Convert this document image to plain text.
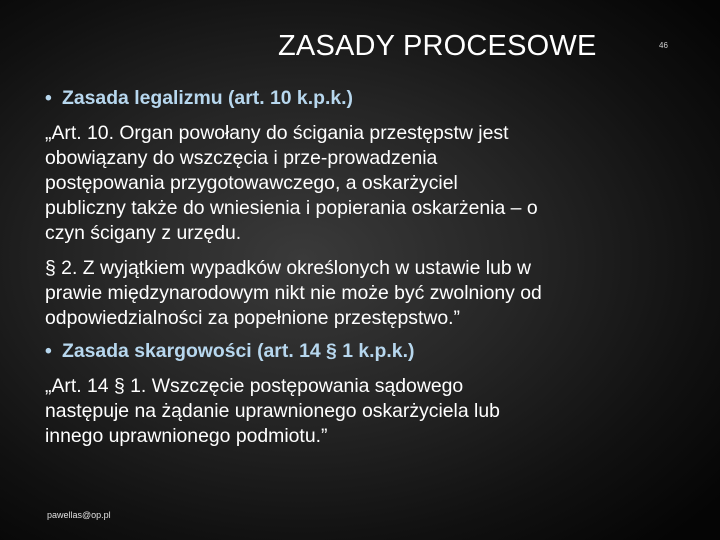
ZASADY PROCESOWE	46
• Zasada legalizmu (art. 10 k.p.k.)
„Art. 10. Organ powołany do ścigania przestępstw jest
obowiązany do wszczęcia i prze-prowadzenia
postępowania przygotowawczego, a oskarżyciel
publiczny także do wniesienia i popierania oskarżenia – o
czyn ścigany z urzędu.
§ 2. Z wyjątkiem wypadków określonych w ustawie lub w
prawie międzynarodowym nikt nie może być zwolniony od
odpowiedzialności za popełnione przestępstwo.”
• Zasada skargowości (art. 14 § 1 k.p.k.)
„Art. 14 § 1. Wszczęcie postępowania sądowego
następuje na żądanie uprawnionego oskarżyciela lub
innego uprawnionego podmiotu.”
pawellas@op.pl
